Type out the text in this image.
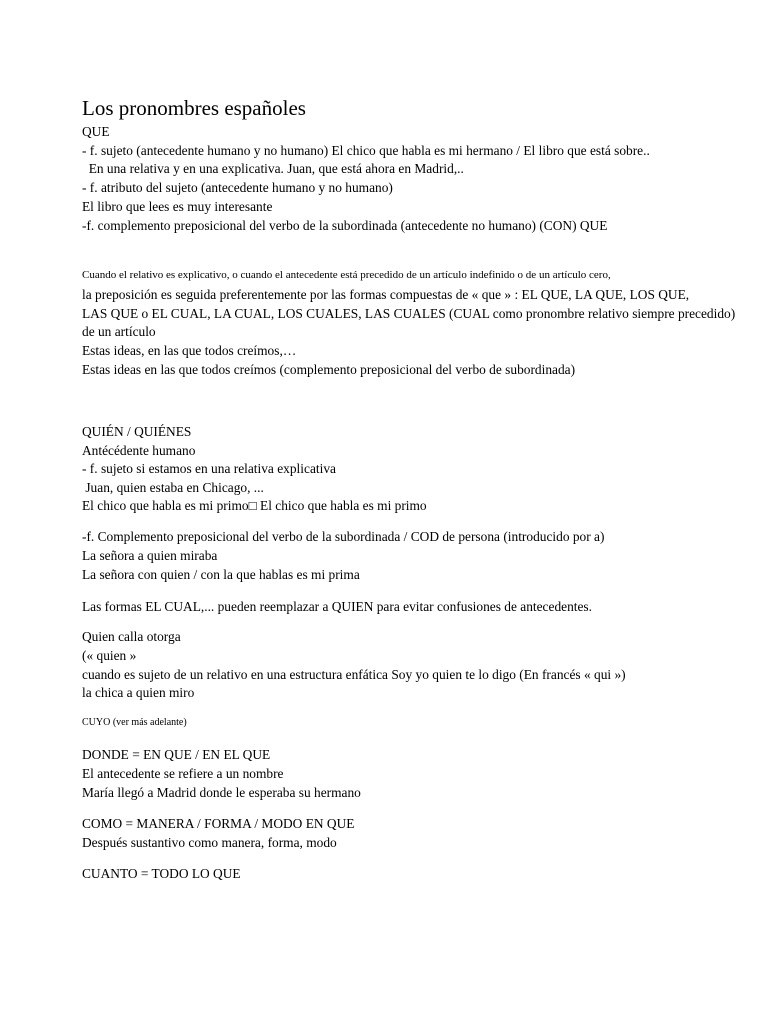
Los pronombres españoles
QUE
- f. sujeto (antecedente humano y no humano) El chico que habla es mi hermano / El libro que está sobre..
En una relativa y en una explicativa. Juan, que está ahora en Madrid,..
- f. atributo del sujeto (antecedente humano y no humano)
El libro que lees es muy interesante
-f. complemento preposicional del verbo de la subordinada (antecedente no humano) (CON) QUE
Cuando el relativo es explicativo, o cuando el antecedente está precedido de un artículo indefinido o de un artículo cero,
la preposición es seguida preferentemente por las formas compuestas de « que » : EL QUE, LA QUE, LOS QUE,
LAS QUE o EL CUAL, LA CUAL, LOS CUALES, LAS CUALES (CUAL como pronombre relativo siempre precedido)
de un artículo
Estas ideas, en las que todos creímos,…
Estas ideas en las que todos creímos (complemento preposicional del verbo de subordinada)
QUIÉN / QUIÉNES
Antécédente humano
- f. sujeto si estamos en una relativa explicativa
Juan, quien estaba en Chicago, ...
El chico que habla es mi primo□ El chico que habla es mi primo
-f. Complemento preposicional del verbo de la subordinada / COD de persona (introducido por a)
La señora a quien miraba
La señora con quien / con la que hablas es mi prima
Las formas EL CUAL,... pueden reemplazar a QUIEN para evitar confusiones de antecedentes.
Quien calla otorga
(« quien »
cuando es sujeto de un relativo en una estructura enfática Soy yo quien te lo digo (En francés « qui »)
la chica a quien miro
CUYO (ver más adelante)
DONDE = EN QUE / EN EL QUE
El antecedente se refiere a un nombre
María llegó a Madrid donde le esperaba su hermano
COMO = MANERA / FORMA / MODO EN QUE
Después sustantivo como manera, forma, modo
CUANTO = TODO LO QUE
